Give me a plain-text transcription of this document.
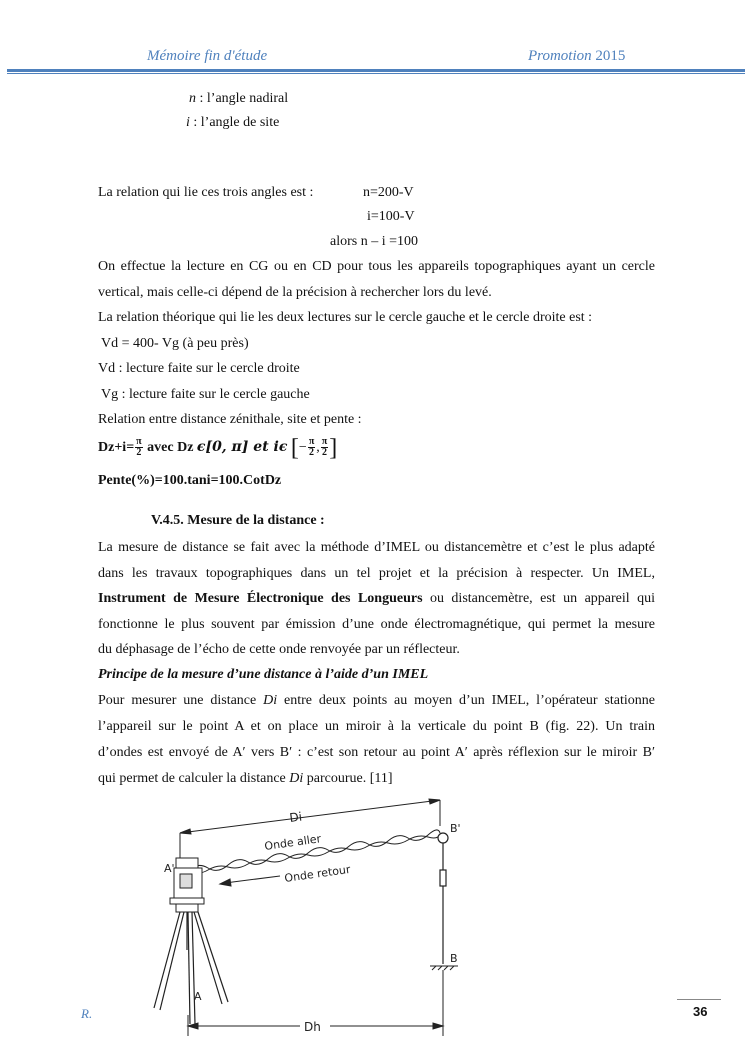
Mémoire fin d'étude	Promotion 2015
n : l’angle nadiral
i : l’angle de site
La relation qui lie ces trois angles est :	n=200-V
i=100-V
alors n – i =100
On effectue la lecture en CG ou en CD pour tous les appareils topographiques ayant un cercle
vertical, mais celle-ci dépend de la précision à rechercher lors du levé.
La relation théorique qui lie les deux lectures sur le cercle gauche et le cercle droite est :
Vd = 400- Vg (à peu près)
Vd : lecture faite sur le cercle droite
Vg : lecture faite sur le cercle gauche
Relation entre distance zénithale, site et pente :
$Dz+i= \frac{\pi}{2}$ avec Dz ϵ[0, π] et iϵ [− $\frac{\pi}{2}$ , $\frac{\pi}{2}$ ]
Pente(%)=100.tani=100.CotDz
V.4.5. Mesure de la distance :
La mesure de distance se fait avec la méthode d’IMEL ou distancemètre et c’est le plus adapté
dans les travaux topographiques dans un tel projet et la précision à respecter. Un IMEL,
Instrument de Mesure Électronique des Longueurs ou distancemètre, est un appareil qui
fonctionne le plus souvent par émission d’une onde électromagnétique, qui permet la mesure
du déphasage de l’écho de cette onde renvoyée par un réflecteur.
Principe de la mesure d’une distance à l’aide d’un IMEL
Pour mesurer une distance Di entre deux points au moyen d’un IMEL, l’opérateur stationne
l’appareil sur le point A et on place un miroir à la verticale du point B (fig. 22). Un train
d’ondes est envoyé de A′ vers B′ : c’est son retour au point A′ après réflexion sur le miroir B′
qui permet de calculer la distance Di parcourue. [11]
Di
Onde aller
Onde retour
A'
A
B'
B
Dh
R.	36
